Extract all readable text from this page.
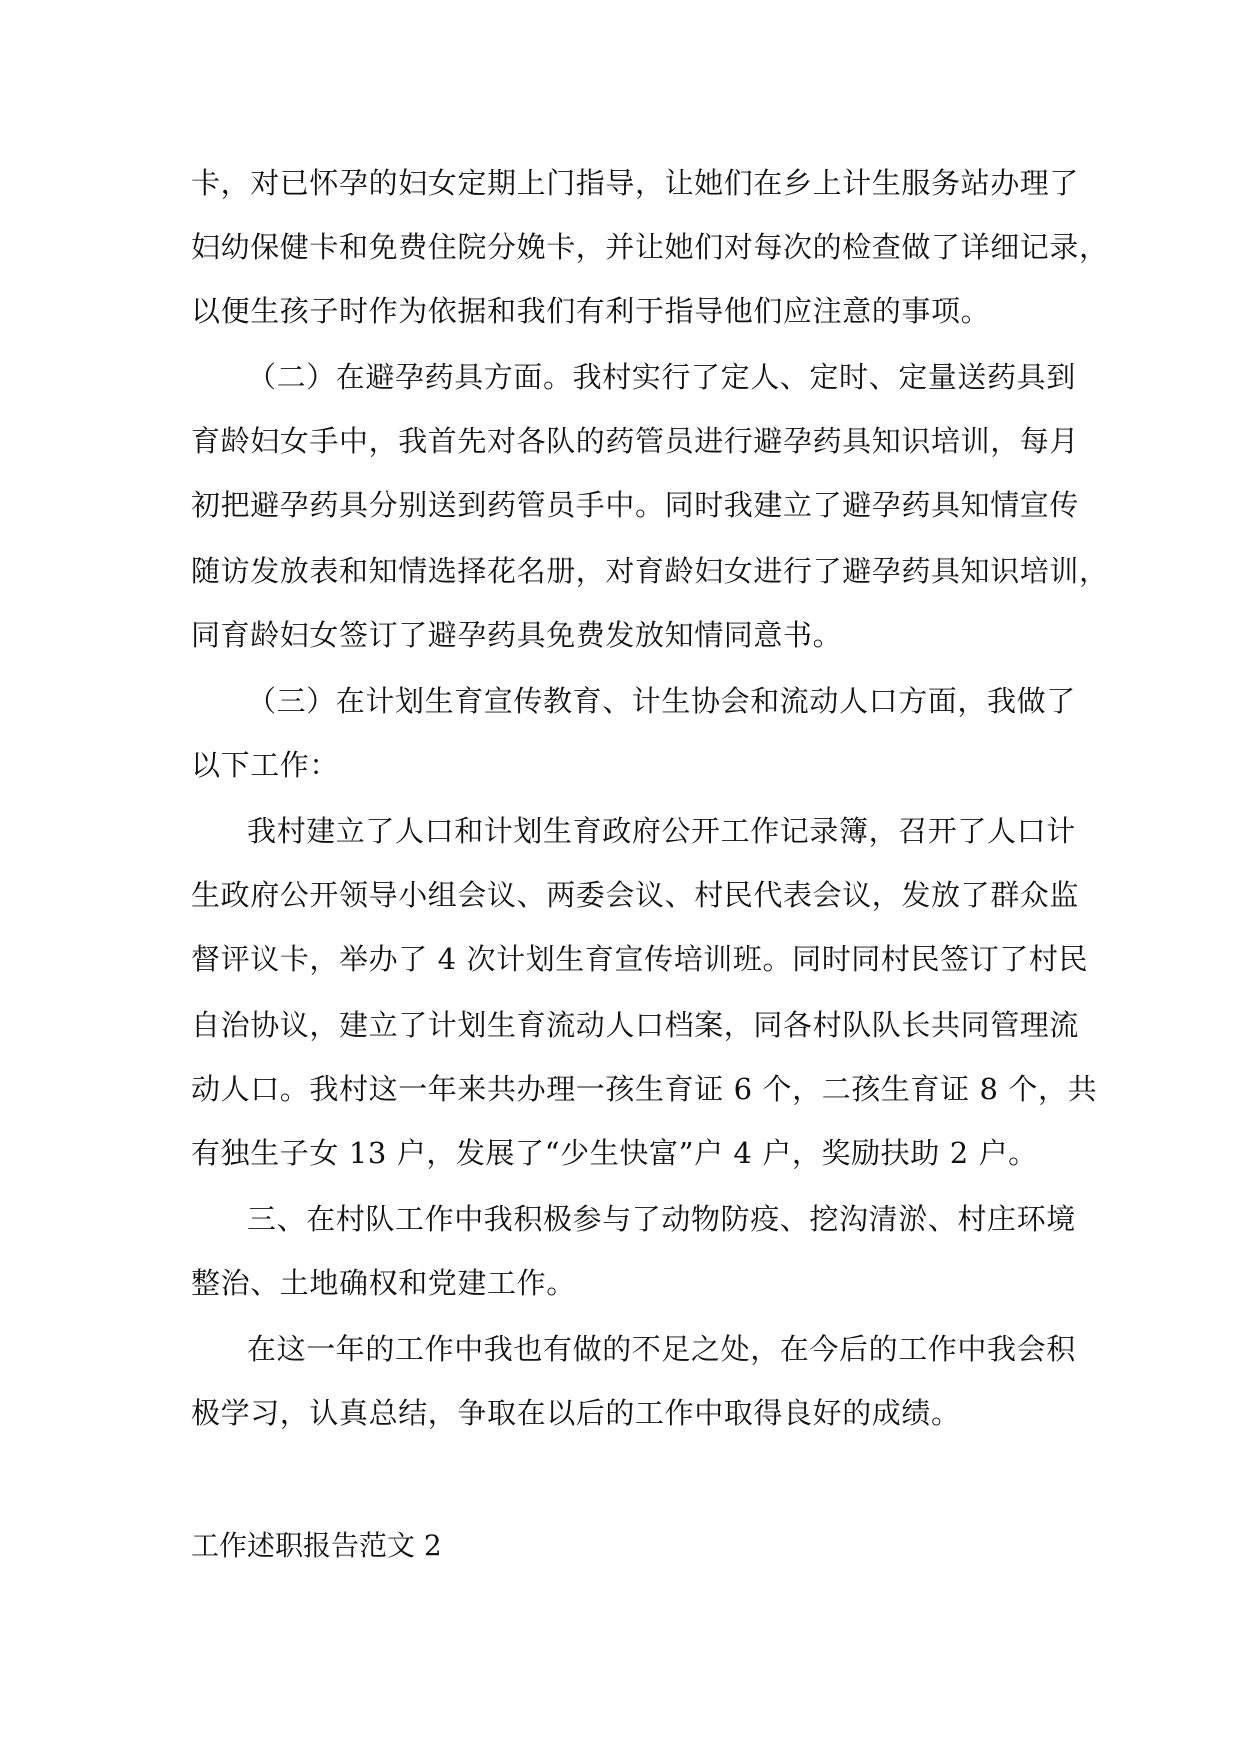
卡，对已怀孕的妇女定期上门指导，让她们在乡上计生服务站办理了
妇幼保健卡和免费住院分娩卡，并让她们对每次的检查做了详细记录，
以便生孩子时作为依据和我们有利于指导他们应注意的事项。
（二）在避孕药具方面。我村实行了定人、定时、定量送药具到
育龄妇女手中，我首先对各队的药管员进行避孕药具知识培训，每月
初把避孕药具分别送到药管员手中。同时我建立了避孕药具知情宣传
随访发放表和知情选择花名册，对育龄妇女进行了避孕药具知识培训，
同育龄妇女签订了避孕药具免费发放知情同意书。
（三）在计划生育宣传教育、计生协会和流动人口方面，我做了
以下工作：
我村建立了人口和计划生育政府公开工作记录簿，召开了人口计
生政府公开领导小组会议、两委会议、村民代表会议，发放了群众监
督评议卡，举办了 4 次计划生育宣传培训班。同时同村民签订了村民
自治协议，建立了计划生育流动人口档案，同各村队队长共同管理流
动人口。我村这一年来共办理一孩生育证 6 个，二孩生育证 8 个，共
有独生子女 13 户，发展了“少生快富”户 4 户，奖励扶助 2 户。
三、在村队工作中我积极参与了动物防疫、挖沟清淤、村庄环境
整治、土地确权和党建工作。
在这一年的工作中我也有做的不足之处，在今后的工作中我会积
极学习，认真总结，争取在以后的工作中取得良好的成绩。
工作述职报告范文 2
